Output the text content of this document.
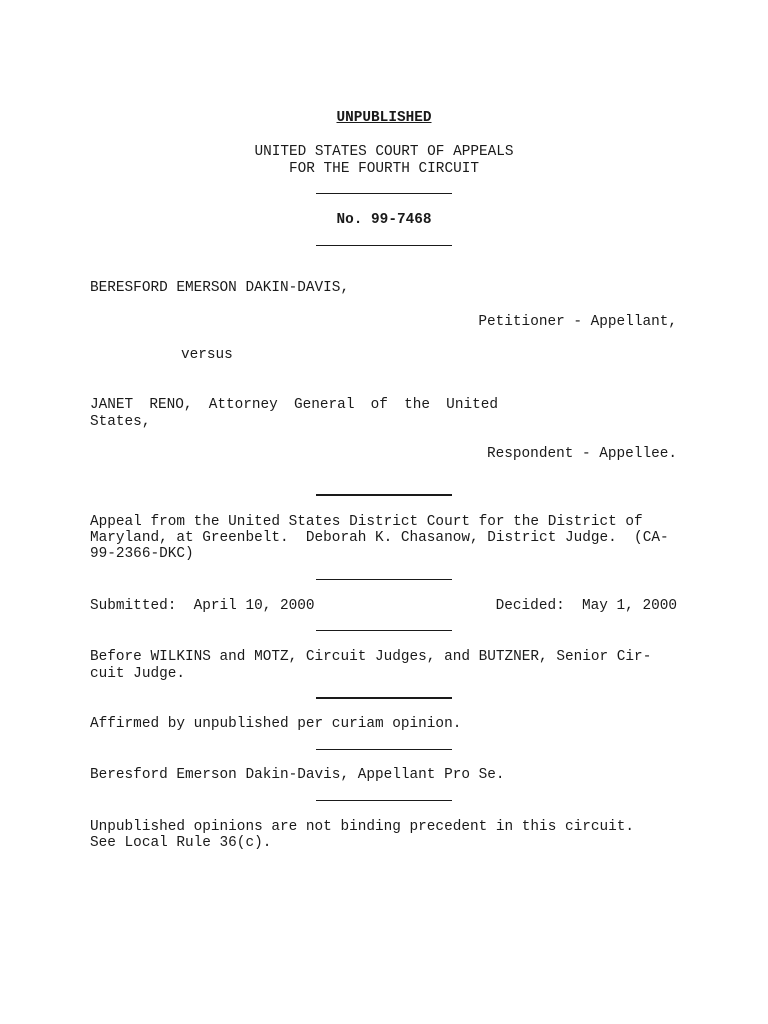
UNPUBLISHED
UNITED STATES COURT OF APPEALS
FOR THE FOURTH CIRCUIT
No. 99-7468
BERESFORD EMERSON DAKIN-DAVIS,
Petitioner - Appellant,
versus
JANET RENO, Attorney General of the United
States,
Respondent - Appellee.
Appeal from the United States District Court for the District of
Maryland, at Greenbelt.  Deborah K. Chasanow, District Judge.  (CA-
99-2366-DKC)
Submitted:  April 10, 2000	Decided:  May 1, 2000
Before WILKINS and MOTZ, Circuit Judges, and BUTZNER, Senior Cir-
cuit Judge.
Affirmed by unpublished per curiam opinion.
Beresford Emerson Dakin-Davis, Appellant Pro Se.
Unpublished opinions are not binding precedent in this circuit.
See Local Rule 36(c).
